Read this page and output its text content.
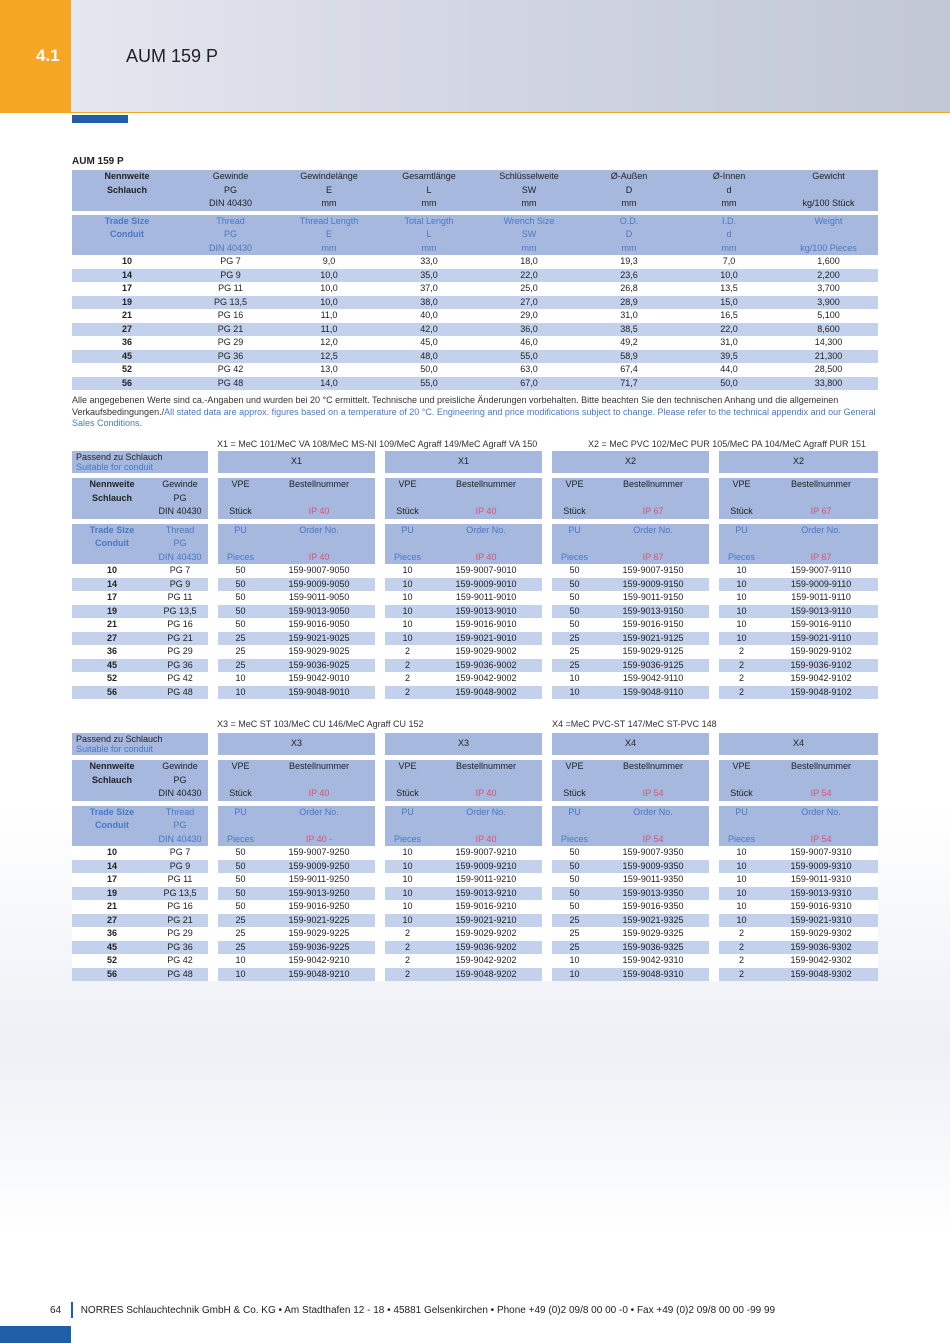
4.1	AUM 159 P
AUM 159 P
Nennweite	Gewinde	Gewindelänge	Gesamtlänge	Schlüsselweite	Ø-Außen	Ø-Innen	Gewicht
Schlauch	PG	E	L	SW	D	d	
	DIN 40430	mm	mm	mm	mm	mm	kg/100 Stück

Trade Size	Thread	Thread Length	Total Length	Wrench Size	O.D.	I.D.	Weight
Conduit	PG	E	L	SW	D	d	
	DIN 40430	mm	mm	mm	mm	mm	kg/100 Pieces
10	PG 7	9,0	33,0	18,0	19,3	7,0	1,600
14	PG 9	10,0	35,0	22,0	23,6	10,0	2,200
17	PG 11	10,0	37,0	25,0	26,8	13,5	3,700
19	PG 13,5	10,0	38,0	27,0	28,9	15,0	3,900
21	PG 16	11,0	40,0	29,0	31,0	16,5	5,100
27	PG 21	11,0	42,0	36,0	38,5	22,0	8,600
36	PG 29	12,0	45,0	46,0	49,2	31,0	14,300
45	PG 36	12,5	48,0	55,0	58,9	39,5	21,300
52	PG 42	13,0	50,0	63,0	67,4	44,0	28,500
56	PG 48	14,0	55,0	67,0	71,7	50,0	33,800
Alle angegebenen Werte sind ca.-Angaben und wurden bei 20 °C ermittelt. Technische und preisliche Änderungen vorbehalten. Bitte beachten Sie den technischen Anhang und die allgemeinen Verkaufsbedingungen./All stated data are approx. figures based on a temperature of 20 °C. Engineering and price modifications subject to change. Please refer to the technical appendix and our General Sales Conditions.
X1 = MeC 101/MeC VA 108/MeC MS-NI 109/MeC Agraff 149/MeC Agraff VA 150	X2 = MeC PVC 102/MeC PUR 105/MeC PA 104/MeC Agraff PUR 151
Passend zu Schlauch
Suitable for conduit			X1			X1			X2			X2	

Nennweite	Gewinde		VPE	Bestellnummer		VPE	Bestellnummer		VPE	Bestellnummer		VPE	Bestellnummer
Schlauch	PG												
	DIN 40430		Stück	IP 40		Stück	IP 40		Stück	IP 67		Stück	IP 67

Trade Size	Thread		PU	Order No.		PU	Order No.		PU	Order No.		PU	Order No.
Conduit	PG												
	DIN 40430		Pieces	IP 40		Pieces	IP 40		Pieces	IP 67		Pieces	IP 67
10	PG 7		50	159-9007-9050		10	159-9007-9010		50	159-9007-9150		10	159-9007-9110
14	PG 9		50	159-9009-9050		10	159-9009-9010		50	159-9009-9150		10	159-9009-9110
17	PG 11		50	159-9011-9050		10	159-9011-9010		50	159-9011-9150		10	159-9011-9110
19	PG 13,5		50	159-9013-9050		10	159-9013-9010		50	159-9013-9150		10	159-9013-9110
21	PG 16		50	159-9016-9050		10	159-9016-9010		50	159-9016-9150		10	159-9016-9110
27	PG 21		25	159-9021-9025		10	159-9021-9010		25	159-9021-9125		10	159-9021-9110
36	PG 29		25	159-9029-9025		2	159-9029-9002		25	159-9029-9125		2	159-9029-9102
45	PG 36		25	159-9036-9025		2	159-9036-9002		25	159-9036-9125		2	159-9036-9102
52	PG 42		10	159-9042-9010		2	159-9042-9002		10	159-9042-9110		2	159-9042-9102
56	PG 48		10	159-9048-9010		2	159-9048-9002		10	159-9048-9110		2	159-9048-9102
X3 = MeC ST 103/MeC CU 146/MeC Agraff CU 152	X4 =MeC PVC-ST 147/MeC ST-PVC 148
Passend zu Schlauch
Suitable for conduit			X3			X3			X4			X4	

Nennweite	Gewinde		VPE	Bestellnummer		VPE	Bestellnummer		VPE	Bestellnummer		VPE	Bestellnummer
Schlauch	PG												
	DIN 40430		Stück	IP 40		Stück	IP 40		Stück	IP 54		Stück	IP 54

Trade Size	Thread		PU	Order No.		PU	Order No.		PU	Order No.		PU	Order No.
Conduit	PG												
	DIN 40430		Pieces	IP 40 -		Pieces	IP 40		Pieces	IP 54		Pieces	IP 54
10	PG 7		50	159-9007-9250		10	159-9007-9210		50	159-9007-9350		10	159-9007-9310
14	PG 9		50	159-9009-9250		10	159-9009-9210		50	159-9009-9350		10	159-9009-9310
17	PG 11		50	159-9011-9250		10	159-9011-9210		50	159-9011-9350		10	159-9011-9310
19	PG 13,5		50	159-9013-9250		10	159-9013-9210		50	159-9013-9350		10	159-9013-9310
21	PG 16		50	159-9016-9250		10	159-9016-9210		50	159-9016-9350		10	159-9016-9310
27	PG 21		25	159-9021-9225		10	159-9021-9210		25	159-9021-9325		10	159-9021-9310
36	PG 29		25	159-9029-9225		2	159-9029-9202		25	159-9029-9325		2	159-9029-9302
45	PG 36		25	159-9036-9225		2	159-9036-9202		25	159-9036-9325		2	159-9036-9302
52	PG 42		10	159-9042-9210		2	159-9042-9202		10	159-9042-9310		2	159-9042-9302
56	PG 48		10	159-9048-9210		2	159-9048-9202		10	159-9048-9310		2	159-9048-9302
64 NORRES Schlauchtechnik GmbH & Co. KG • Am Stadthafen 12 - 18 • 45881 Gelsenkirchen • Phone +49 (0)2 09/8 00 00 -0 • Fax +49 (0)2 09/8 00 00 -99 99
